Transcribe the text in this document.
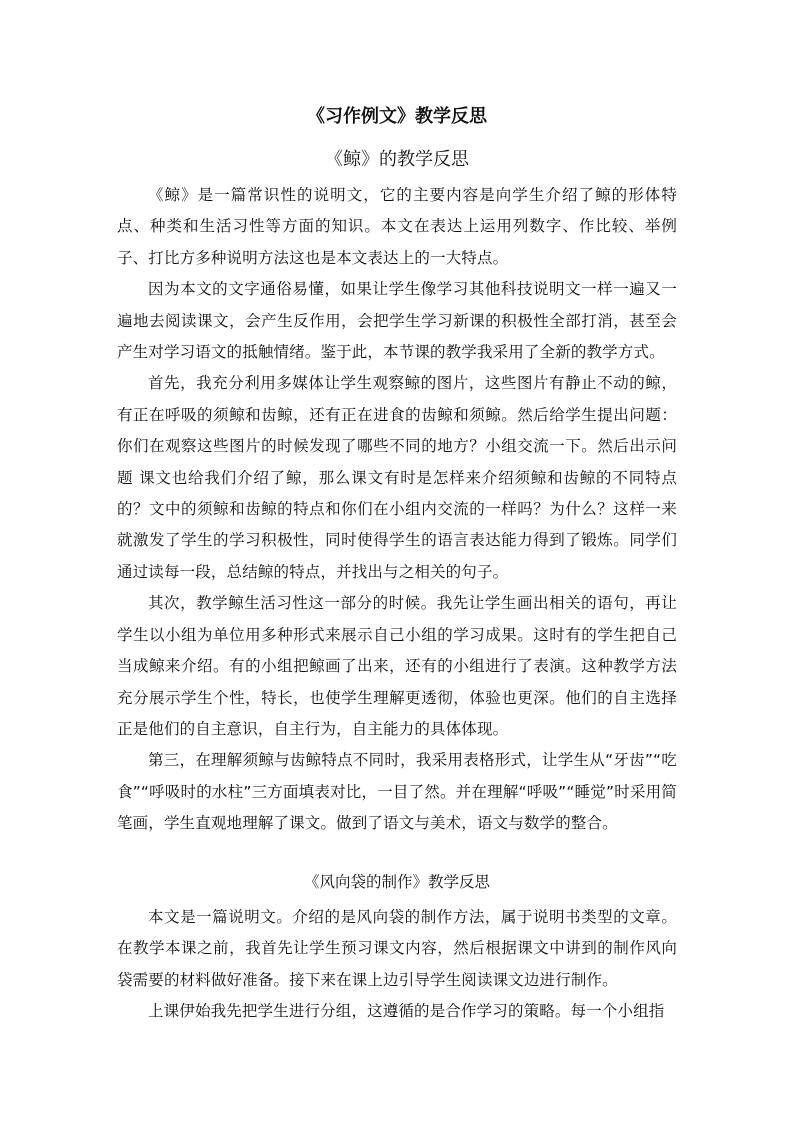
《习作例文》教学反思
《鲸》的教学反思

《鲸》是一篇常识性的说明文，它的主要内容是向学生介绍了鲸的形体特点、种类和生活习性等方面的知识。本文在表达上运用列数字、作比较、举例子、打比方多种说明方法这也是本文表达上的一大特点。

因为本文的文字通俗易懂，如果让学生像学习其他科技说明文一样一遍又一遍地去阅读课文，会产生反作用，会把学生学习新课的积极性全部打消，甚至会产生对学习语文的抵触情绪。鉴于此，本节课的教学我采用了全新的教学方式。

首先，我充分利用多媒体让学生观察鲸的图片，这些图片有静止不动的鲸，有正在呼吸的须鲸和齿鲸，还有正在进食的齿鲸和须鲸。然后给学生提出问题：你们在观察这些图片的时候发现了哪些不同的地方？小组交流一下。然后出示问题 课文也给我们介绍了鲸，那么课文有时是怎样来介绍须鲸和齿鲸的不同特点的？文中的须鲸和齿鲸的特点和你们在小组内交流的一样吗？为什么？这样一来就激发了学生的学习积极性，同时使得学生的语言表达能力得到了锻炼。同学们通过读每一段，总结鲸的特点，并找出与之相关的句子。

其次，教学鲸生活习性这一部分的时候。我先让学生画出相关的语句，再让学生以小组为单位用多种形式来展示自己小组的学习成果。这时有的学生把自己当成鲸来介绍。有的小组把鲸画了出来，还有的小组进行了表演。这种教学方法充分展示学生个性，特长，也使学生理解更透彻，体验也更深。他们的自主选择正是他们的自主意识，自主行为，自主能力的具体体现。

第三，在理解须鲸与齿鲸特点不同时，我采用表格形式，让学生从“牙齿”“吃食”“呼吸时的水柱”三方面填表对比，一目了然。并在理解“呼吸”“睡觉”时采用简笔画，学生直观地理解了课文。做到了语文与美术，语文与数学的整合。

《风向袋的制作》教学反思

本文是一篇说明文。介绍的是风向袋的制作方法，属于说明书类型的文章。在教学本课之前，我首先让学生预习课文内容，然后根据课文中讲到的制作风向袋需要的材料做好准备。接下来在课上边引导学生阅读课文边进行制作。

上课伊始我先把学生进行分组，这遵循的是合作学习的策略。每一个小组指
